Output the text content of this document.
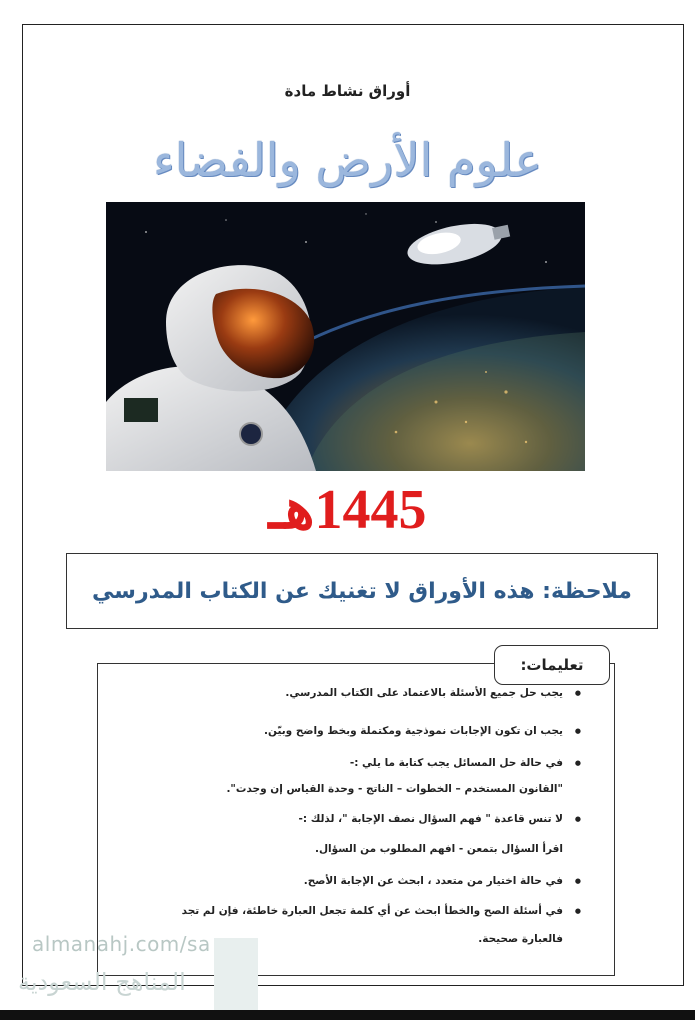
أوراق نشاط مادة
علوم الأرض والفضاء
1445هـ
ملاحظة: هذه الأوراق لا تغنيك عن الكتاب المدرسي
تعليمات:
● يجب حل جميع الأسئلة بالاعتماد على الكتاب المدرسي.
● يجب ان تكون الإجابات نموذجية ومكتملة وبخط واضح وبيّن.
● في حالة حل المسائل يجب كتابة ما يلي :-
"القانون المستخدم – الخطوات – الناتج - وحدة القياس إن وجدت".
● لا تنس قاعدة " فهم السؤال نصف الإجابة "، لذلك :-
اقرأ السؤال بتمعن - افهم المطلوب من السؤال.
● في حالة اختيار من متعدد ، ابحث عن الإجابة الأصح.
● في أسئلة الصح والخطأ ابحث عن أي كلمة تجعل العبارة خاطئة، فإن لم تجد
فالعبارة صحيحة.
almanahj.com/sa
المناهج السعودية
